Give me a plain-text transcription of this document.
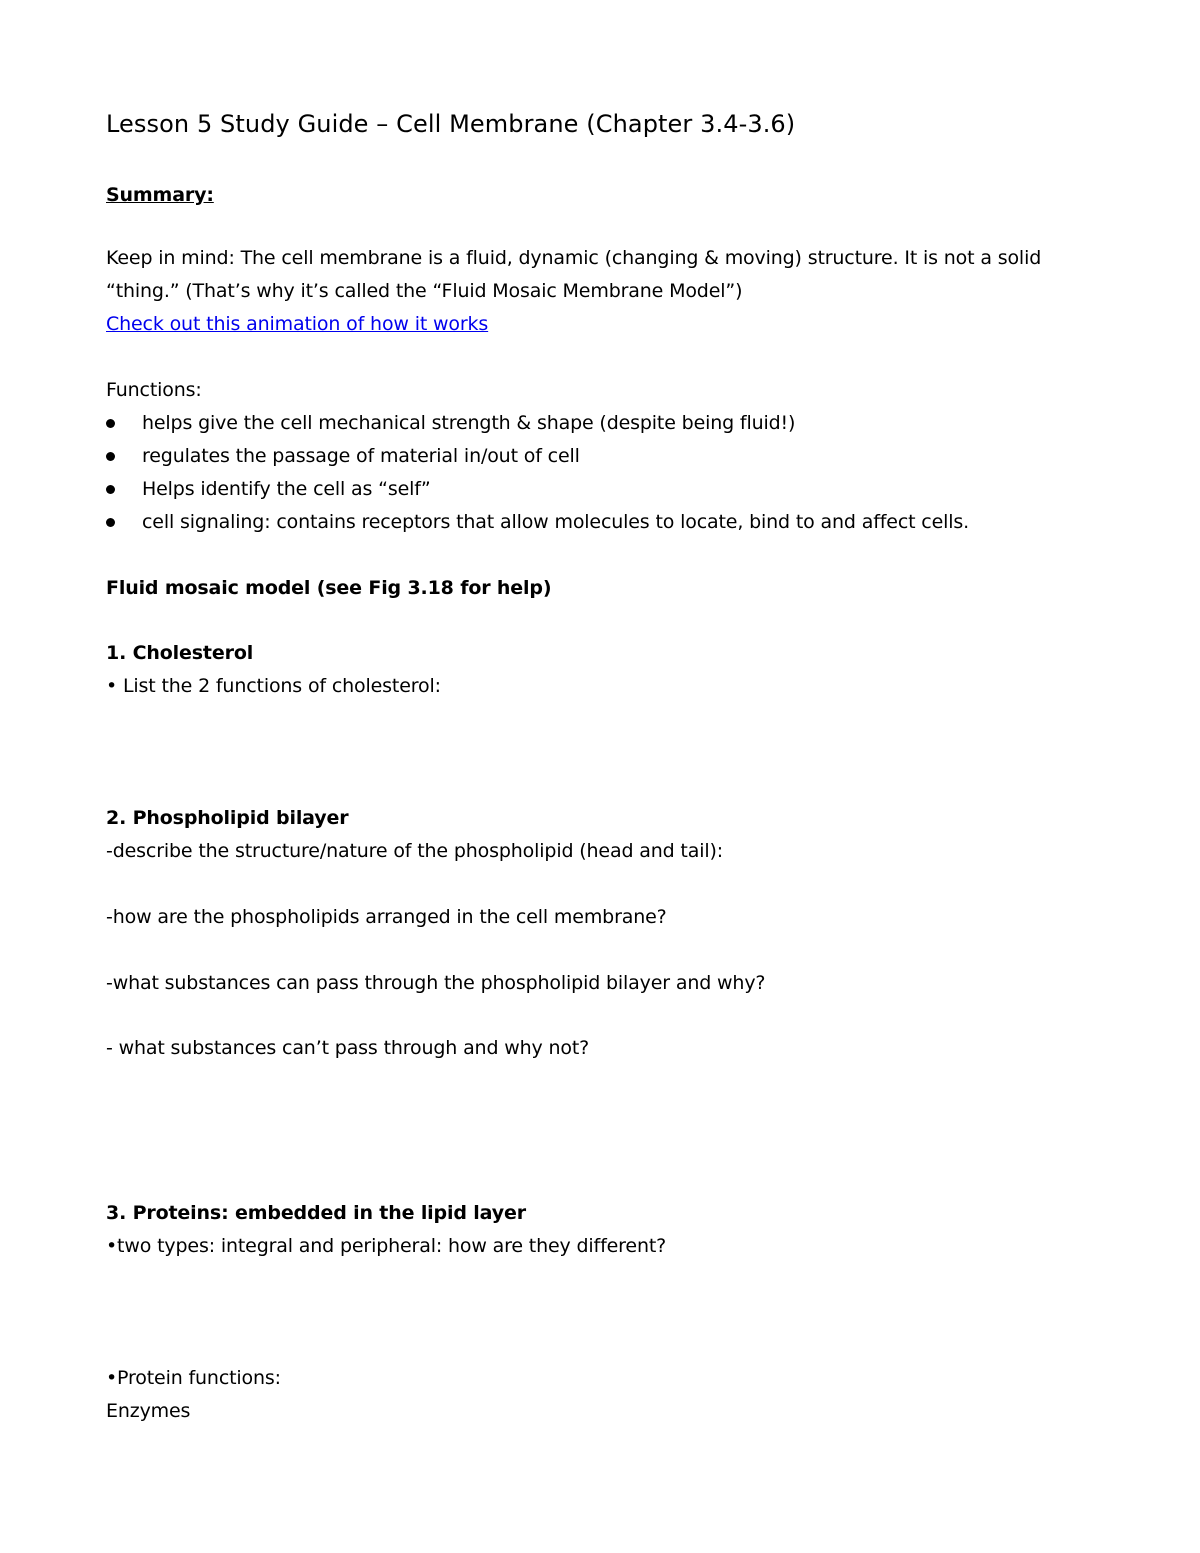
Lesson 5 Study Guide – Cell Membrane (Chapter 3.4-3.6)
Summary:
Keep in mind: The cell membrane is a fluid, dynamic (changing & moving) structure. It is not a solid
“thing.” (That’s why it’s called the “Fluid Mosaic Membrane Model”)
Check out this animation of how it works
Functions:
helps give the cell mechanical strength & shape (despite being fluid!)
regulates the passage of material in/out of cell
Helps identify the cell as “self”
cell signaling: contains receptors that allow molecules to locate, bind to and affect cells.
Fluid mosaic model (see Fig 3.18 for help)
1. Cholesterol
• List the 2 functions of cholesterol:
2. Phospholipid bilayer
-describe the structure/nature of the phospholipid (head and tail):
-how are the phospholipids arranged in the cell membrane?
-what substances can pass through the phospholipid bilayer and why?
- what substances can’t pass through and why not?
3. Proteins: embedded in the lipid layer
•two types: integral and peripheral: how are they different?
•Protein functions:
Enzymes
